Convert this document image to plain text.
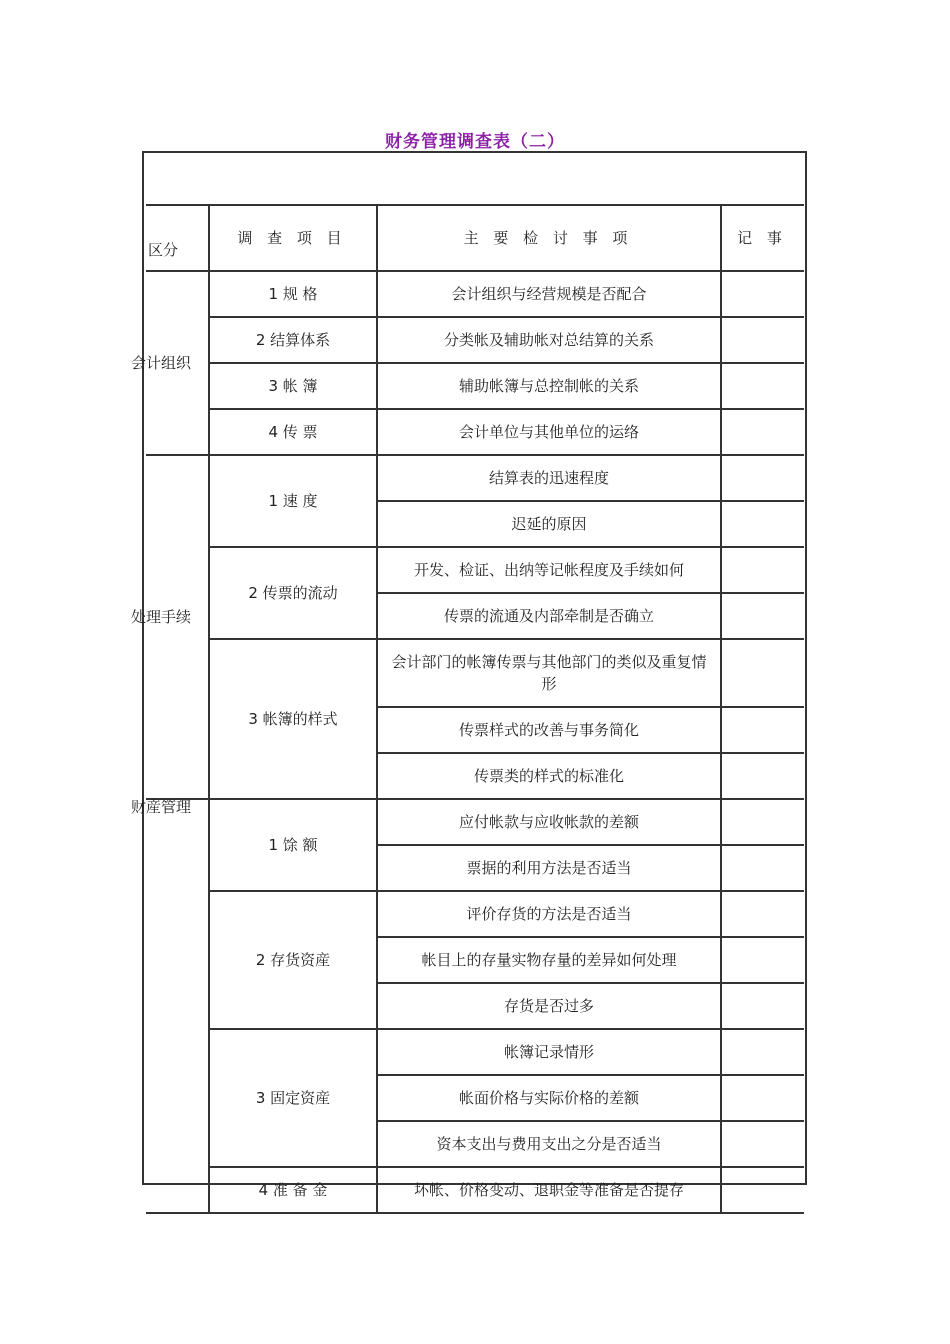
财务管理调查表（二）
区分
调 查 项 目	主 要 检 讨 事 项	记 事
会计组织与经营规模是否配合
1 规 格
分类帐及辅助帐对总结算的关系
2 结算体系
辅助帐簿与总控制帐的关系
3 帐 簿
会计单位与其他单位的运络
4 传 票
结算表的迅速程度
迟延的原因
1 速 度
开发、检证、出纳等记帐程度及手续如何
传票的流通及内部牵制是否确立
2 传票的流动
会计部门的帐簿传票与其他部门的类似及重复情形
传票样式的改善与事务简化
传票类的样式的标准化
3 帐簿的样式
应付帐款与应收帐款的差额
票据的利用方法是否适当
1 馀 额
评价存货的方法是否适当
帐目上的存量实物存量的差异如何处理
存货是否过多
2 存货资産
帐簿记录情形
帐面价格与实际价格的差额
资本支出与费用支出之分是否适当
3 固定资産
坏帐、价格变动、退职金等准备是否提存
4 准 备 金
会计组织
处理手续
财産管理
